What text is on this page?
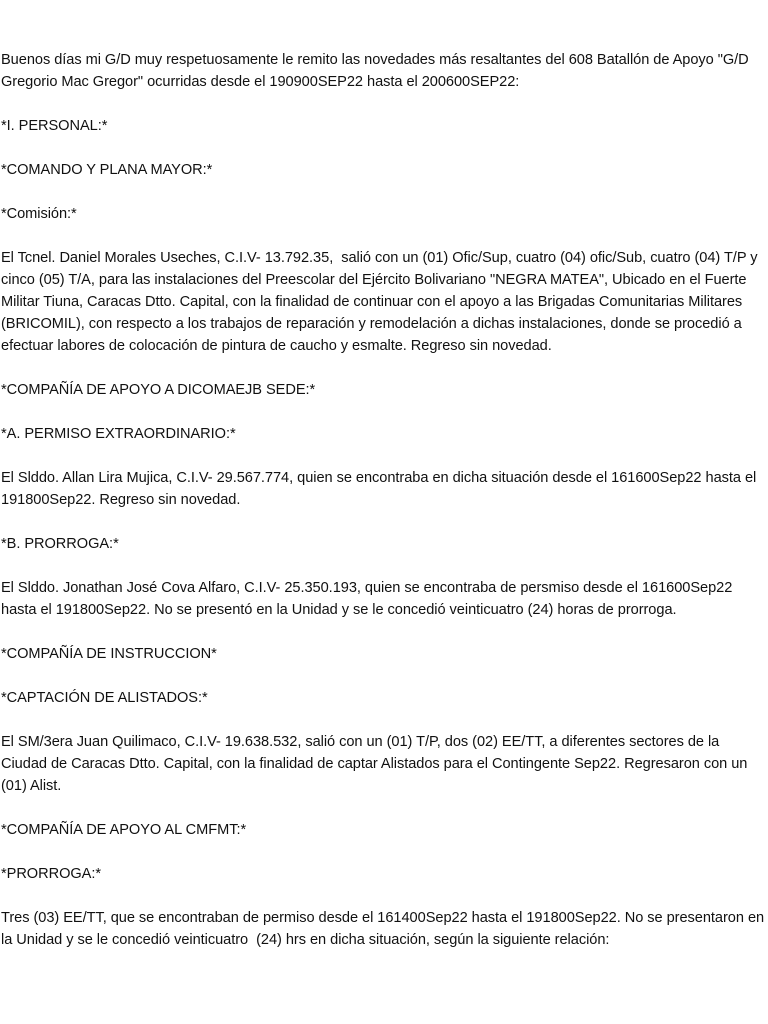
Buenos días mi G/D muy respetuosamente le remito las novedades más resaltantes del 608 Batallón de Apoyo "G/D Gregorio Mac Gregor" ocurridas desde el 190900SEP22 hasta el 200600SEP22:

*I. PERSONAL:*

*COMANDO Y PLANA MAYOR:*

*Comisión:*

El Tcnel. Daniel Morales Useches, C.I.V- 13.792.35,  salió con un (01) Ofic/Sup, cuatro (04) ofic/Sub, cuatro (04) T/P y cinco (05) T/A, para las instalaciones del Preescolar del Ejército Bolivariano "NEGRA MATEA", Ubicado en el Fuerte  Militar Tiuna, Caracas Dtto. Capital, con la finalidad de continuar con el apoyo a las Brigadas Comunitarias Militares (BRICOMIL), con respecto a los trabajos de reparación y remodelación a dichas instalaciones, donde se procedió a efectuar labores de colocación de pintura de caucho y esmalte. Regreso sin novedad.

*COMPAÑÍA DE APOYO A DICOMAEJB SEDE:*

*A. PERMISO EXTRAORDINARIO:*

El Slddo. Allan Lira Mujica, C.I.V- 29.567.774, quien se encontraba en dicha situación desde el 161600Sep22 hasta el 191800Sep22. Regreso sin novedad.

*B. PRORROGA:*

El Slddo. Jonathan José Cova Alfaro, C.I.V- 25.350.193, quien se encontraba de persmiso desde el 161600Sep22 hasta el 191800Sep22. No se presentó en la Unidad y se le concedió veinticuatro (24) horas de prorroga.

*COMPAÑÍA DE INSTRUCCION*

*CAPTACIÓN DE ALISTADOS:*

El SM/3era Juan Quilimaco, C.I.V- 19.638.532, salió con un (01) T/P, dos (02) EE/TT, a diferentes sectores de la Ciudad de Caracas Dtto. Capital, con la finalidad de captar Alistados para el Contingente Sep22. Regresaron con un (01) Alist.

*COMPAÑÍA DE APOYO AL CMFMT:*

*PRORROGA:*

Tres (03) EE/TT, que se encontraban de permiso desde el 161400Sep22 hasta el 191800Sep22. No se presentaron en la Unidad y se le concedió veinticuatro  (24) hrs en dicha situación, según la siguiente relación:
